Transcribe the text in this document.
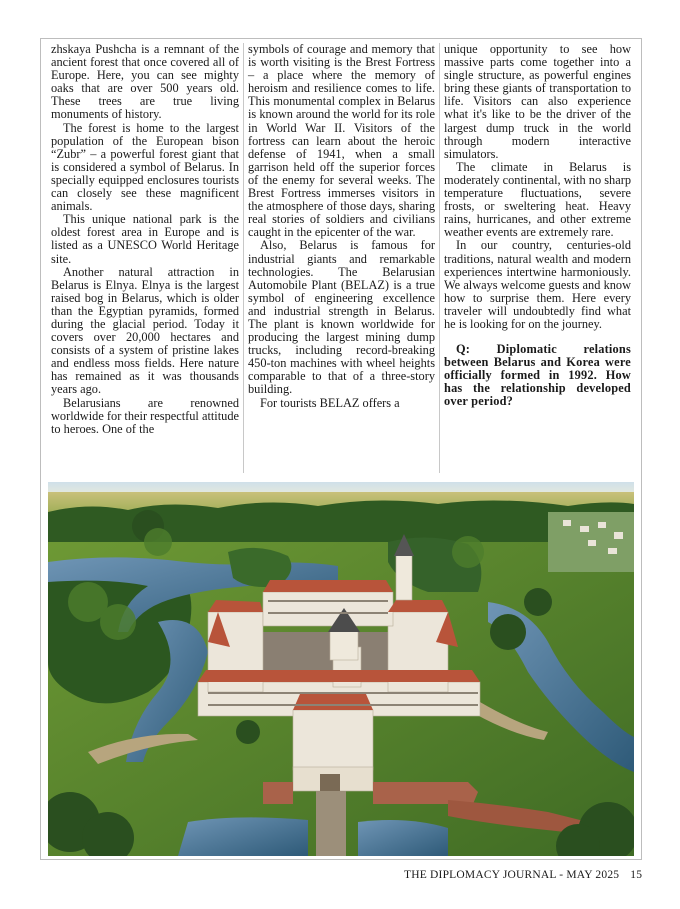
zhskaya Pushcha is a remnant of the ancient forest that once covered all of Europe. Here, you can see mighty oaks that are over 500 years old. These trees are true living monuments of history.

The forest is home to the largest population of the European bison “Zubr” – a powerful forest giant that is considered a symbol of Belarus. In specially equipped enclosures tourists can closely see these magnificent animals.

This unique national park is the oldest forest area in Europe and is listed as a UNESCO World Heritage site.

Another natural attraction in Belarus is Elnya. Elnya is the largest raised bog in Belarus, which is older than the Egyptian pyramids, formed during the glacial period. Today it covers over 20,000 hectares and consists of a system of pristine lakes and endless moss fields. Here nature has remained as it was thousands years ago.

Belarusians are renowned worldwide for their respectful attitude to heroes. One of the

symbols of courage and memory that is worth visiting is the Brest Fortress – a place where the memory of heroism and resilience comes to life. This monumental complex in Belarus is known around the world for its role in World War II. Visitors of the fortress can learn about the heroic defense of 1941, when a small garrison held off the superior forces of the enemy for several weeks. The Brest Fortress immerses visitors in the atmosphere of those days, sharing real stories of soldiers and civilians caught in the epicenter of the war.

Also, Belarus is famous for industrial giants and remarkable technologies. The Belarusian Automobile Plant (BELAZ) is a true symbol of engineering excellence and industrial strength in Belarus. The plant is known worldwide for producing the largest mining dump trucks, including record-breaking 450-ton machines with wheel heights comparable to that of a three-story building.

For tourists BELAZ offers a

unique opportunity to see how massive parts come together into a single structure, as powerful engines bring these giants of transportation to life. Visitors can also experience what it's like to be the driver of the largest dump truck in the world through modern interactive simulators.

The climate in Belarus is moderately continental, with no sharp temperature fluctuations, severe frosts, or sweltering heat. Heavy rains, hurricanes, and other extreme weather events are extremely rare.

In our country, centuries-old traditions, natural wealth and modern experiences intertwine harmoniously. We always welcome guests and know how to surprise them. Here every traveler will undoubtedly find what he is looking for on the journey.

Q: Diplomatic relations between Belarus and Korea were officially formed in 1992. How has the relationship developed over period?

THE DIPLOMACY JOURNAL - MAY 2025 15
